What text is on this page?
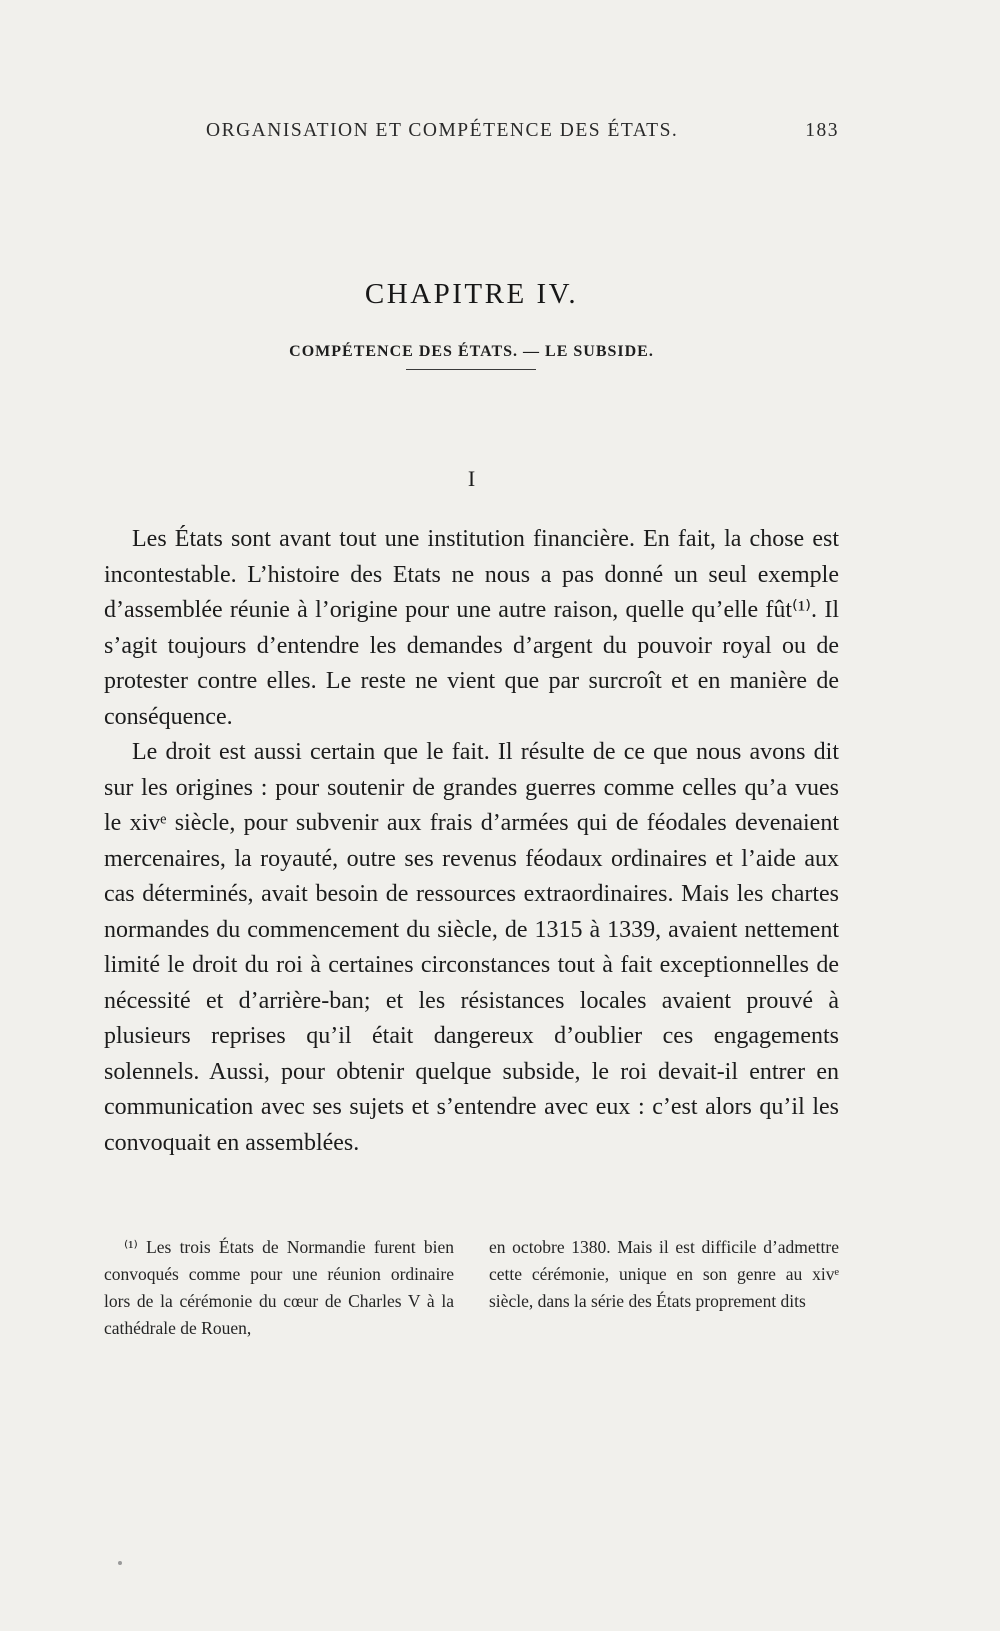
ORGANISATION ET COMPÉTENCE DES ÉTATS.	183
CHAPITRE IV.
COMPÉTENCE DES ÉTATS. — LE SUBSIDE.
I

Les États sont avant tout une institution financière. En fait, la chose est incontestable. L’histoire des Etats ne nous a pas donné un seul exemple d’assemblée réunie à l’origine pour une autre raison, quelle qu’elle fût⁽¹⁾. Il s’agit toujours d’entendre les demandes d’argent du pouvoir royal ou de protester contre elles. Le reste ne vient que par surcroît et en manière de conséquence.

Le droit est aussi certain que le fait. Il résulte de ce que nous avons dit sur les origines : pour soutenir de grandes guerres comme celles qu’a vues le xivᵉ siècle, pour subvenir aux frais d’armées qui de féodales devenaient mercenaires, la royauté, outre ses revenus féodaux ordinaires et l’aide aux cas déterminés, avait besoin de ressources extraordinaires. Mais les chartes normandes du commencement du siècle, de 1315 à 1339, avaient nettement limité le droit du roi à certaines circonstances tout à fait exceptionnelles de nécessité et d’arrière-ban; et les résistances locales avaient prouvé à plusieurs reprises qu’il était dangereux d’oublier ces engagements solennels. Aussi, pour obtenir quelque subside, le roi devait-il entrer en communication avec ses sujets et s’entendre avec eux : c’est alors qu’il les convoquait en assemblées.

⁽¹⁾ Les trois États de Normandie furent bien convoqués comme pour une réunion ordinaire lors de la cérémonie du cœur de Charles V à la cathédrale de Rouen,
en octobre 1380. Mais il est difficile d’admettre cette cérémonie, unique en son genre au xivᵉ siècle, dans la série des États proprement dits
